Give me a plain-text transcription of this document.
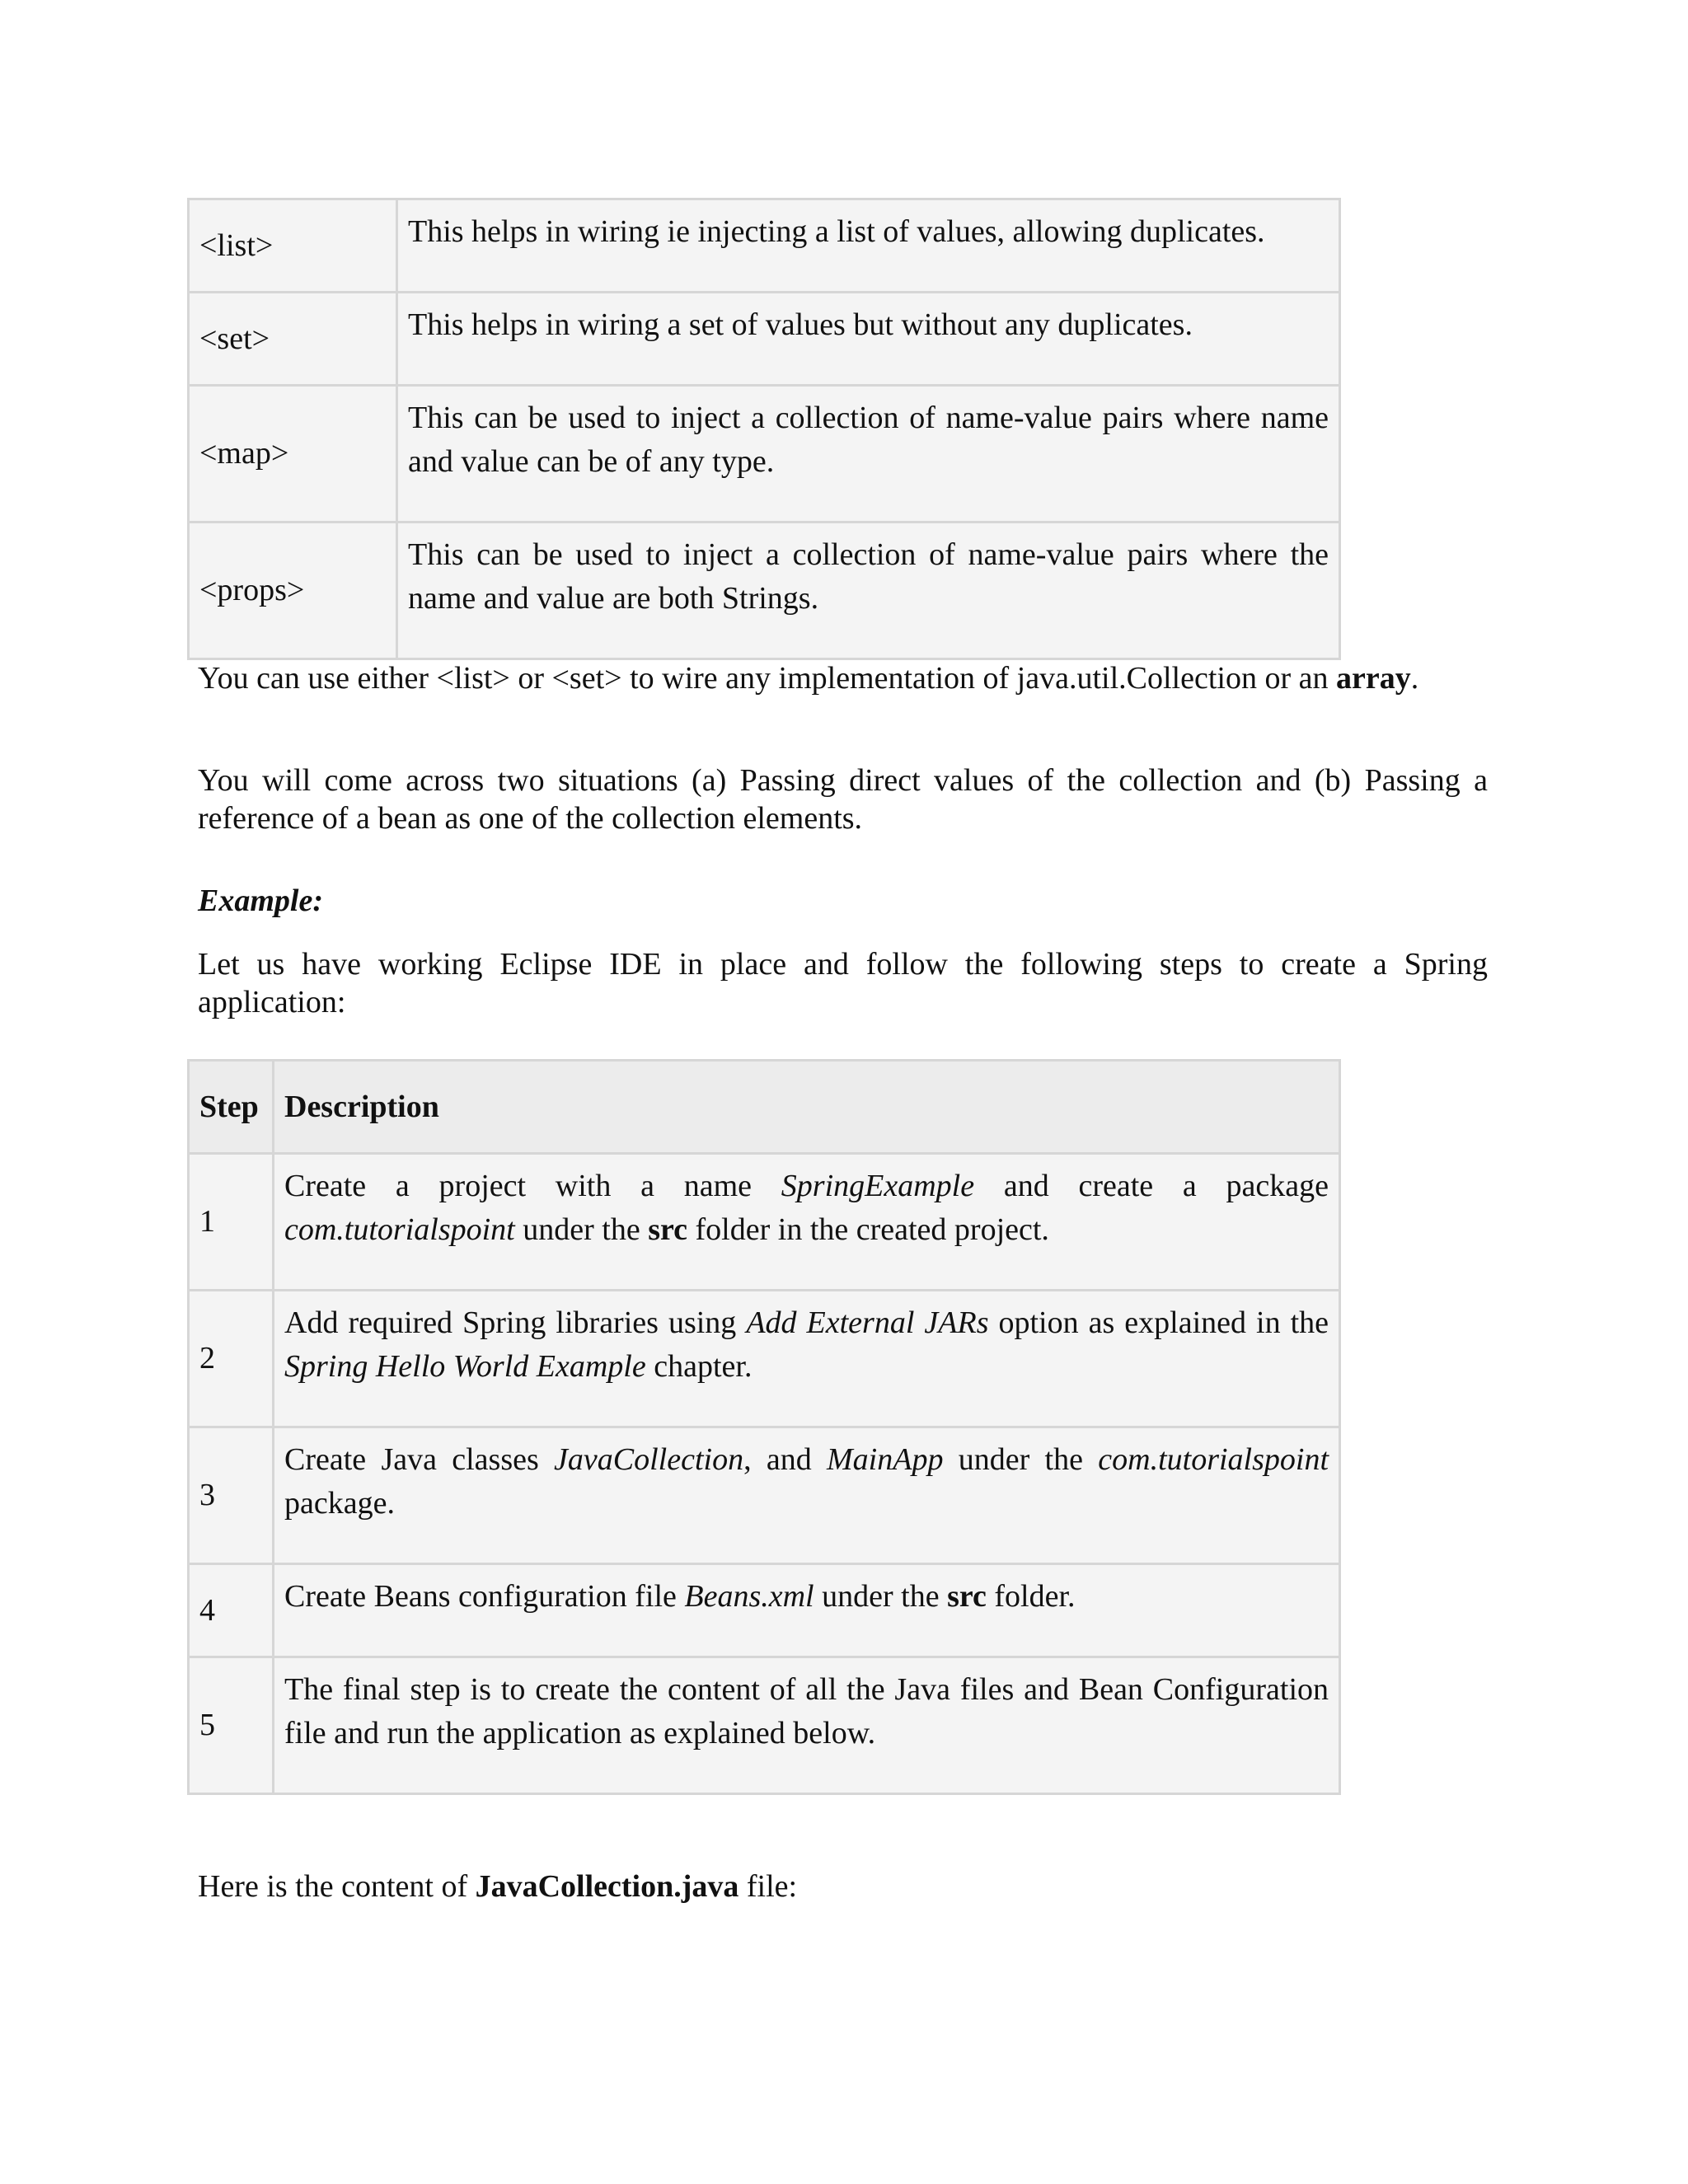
<list>	This helps in wiring ie injecting a list of values, allowing duplicates.
<set>	This helps in wiring a set of values but without any duplicates.
<map>	This can be used to inject a collection of name-value pairs where name and value can be of any type.
<props>	This can be used to inject a collection of name-value pairs where the name and value are both Strings.

You can use either <list> or <set> to wire any implementation of java.util.Collection or an array.

You will come across two situations (a) Passing direct values of the collection and (b) Passing a reference of a bean as one of the collection elements.

Example:

Let us have working Eclipse IDE in place and follow the following steps to create a Spring application:

Step	Description
1	Create a project with a name SpringExample and create a package com.tutorialspoint under the src folder in the created project.
2	Add required Spring libraries using Add External JARs option as explained in the Spring Hello World Example chapter.
3	Create Java classes JavaCollection, and MainApp under the com.tutorialspoint package.
4	Create Beans configuration file Beans.xml under the src folder.
5	The final step is to create the content of all the Java files and Bean Configuration file and run the application as explained below.

Here is the content of JavaCollection.java file:
